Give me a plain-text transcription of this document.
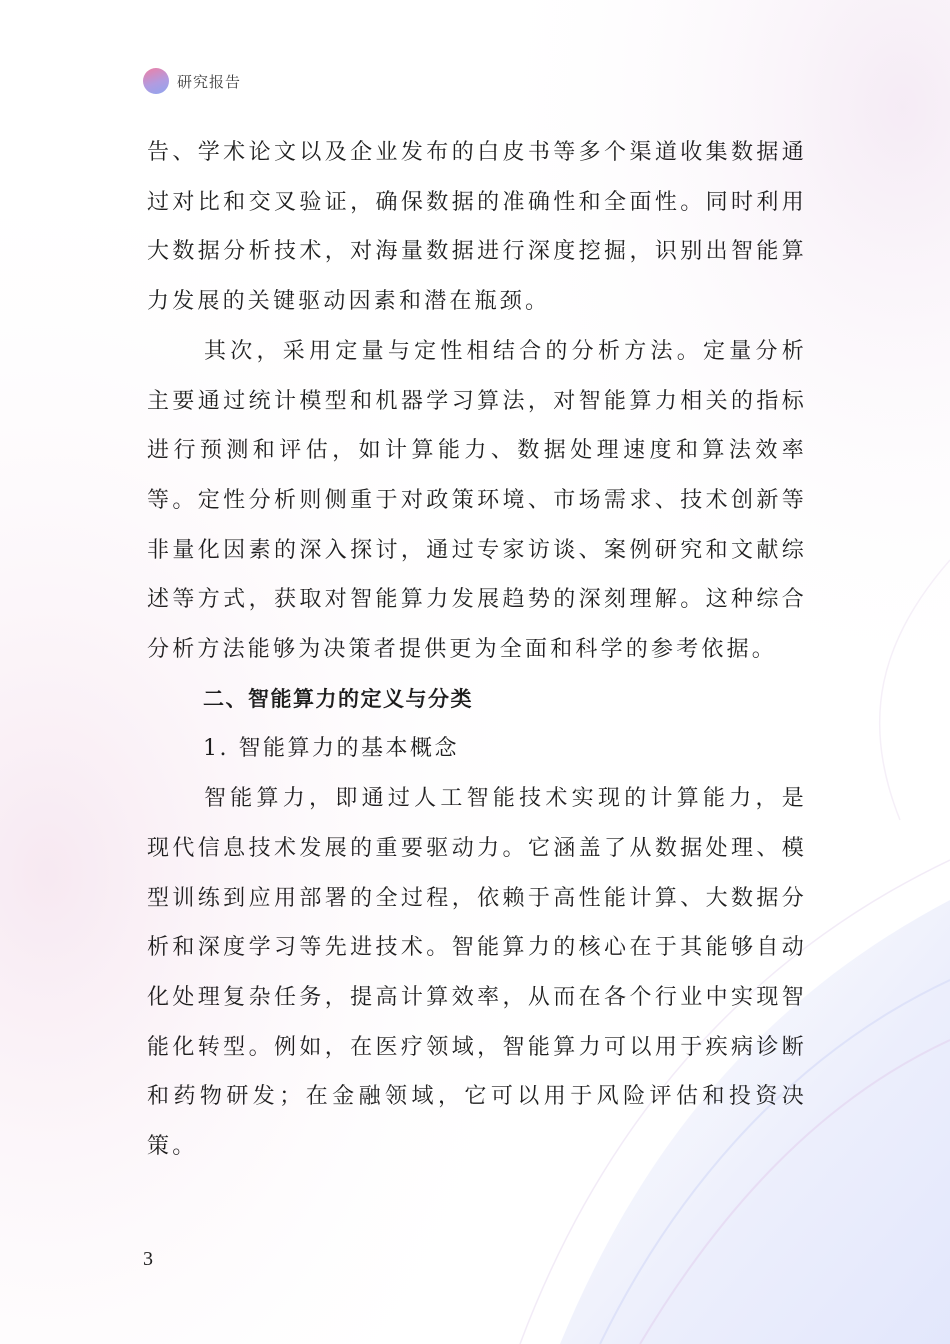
研究报告

告、学术论文以及企业发布的白皮书等多个渠道收集数据通过对比和交叉验证，确保数据的准确性和全面性。同时利用大数据分析技术，对海量数据进行深度挖掘，识别出智能算力发展的关键驱动因素和潜在瓶颈。

其次，采用定量与定性相结合的分析方法。定量分析主要通过统计模型和机器学习算法，对智能算力相关的指标进行预测和评估，如计算能力、数据处理速度和算法效率等。定性分析则侧重于对政策环境、市场需求、技术创新等非量化因素的深入探讨，通过专家访谈、案例研究和文献综述等方式，获取对智能算力发展趋势的深刻理解。这种综合分析方法能够为决策者提供更为全面和科学的参考依据。

二、智能算力的定义与分类

1. 智能算力的基本概念

智能算力，即通过人工智能技术实现的计算能力，是现代信息技术发展的重要驱动力。它涵盖了从数据处理、模型训练到应用部署的全过程，依赖于高性能计算、大数据分析和深度学习等先进技术。智能算力的核心在于其能够自动化处理复杂任务，提高计算效率，从而在各个行业中实现智能化转型。例如，在医疗领域，智能算力可以用于疾病诊断和药物研发；在金融领域，它可以用于风险评估和投资决策。

3
